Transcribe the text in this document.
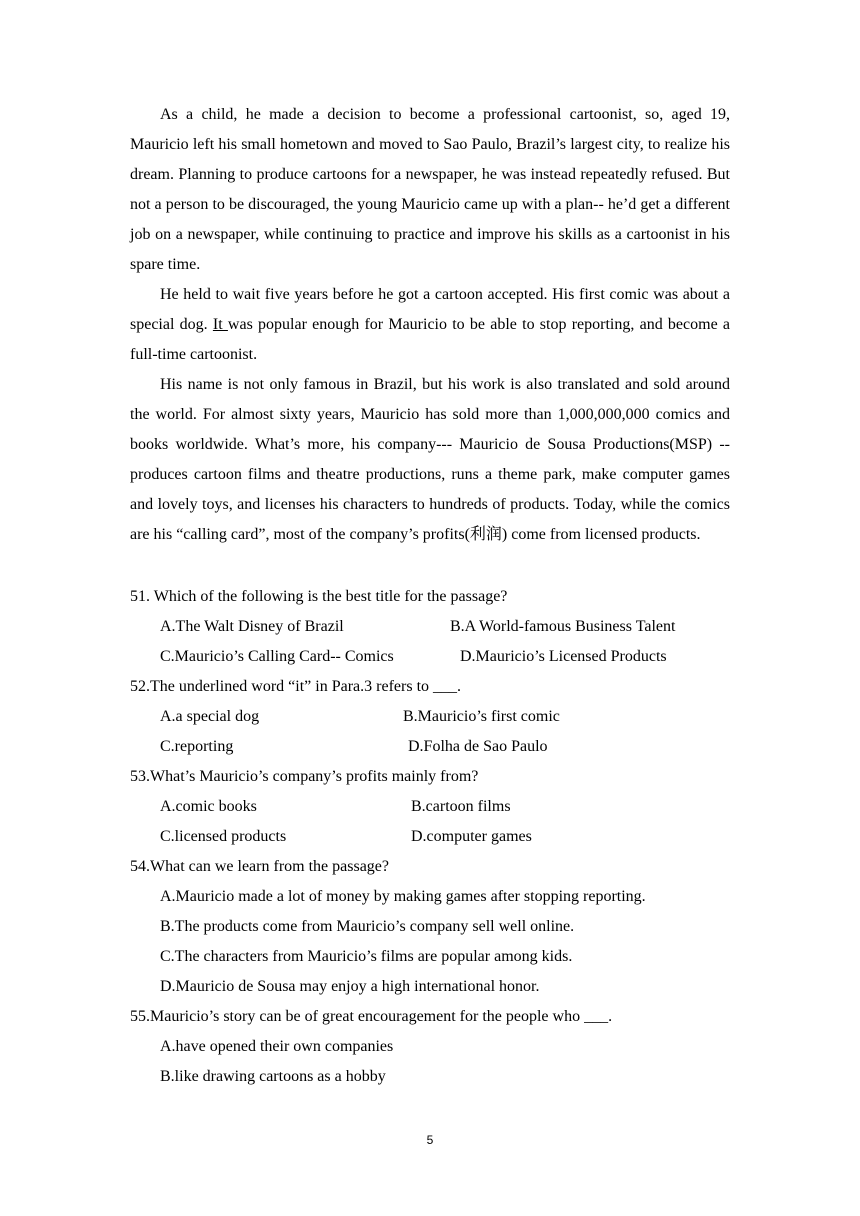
As a child, he made a decision to become a professional cartoonist, so, aged 19, Mauricio left his small hometown and moved to Sao Paulo, Brazil’s largest city, to realize his dream. Planning to produce cartoons for a newspaper, he was instead repeatedly refused. But not a person to be discouraged, the young Mauricio came up with a plan-- he’d get a different job on a newspaper, while continuing to practice and improve his skills as a cartoonist in his spare time.

He held to wait five years before he got a cartoon accepted. His first comic was about a special dog. It was popular enough for Mauricio to be able to stop reporting, and become a full-time cartoonist.

His name is not only famous in Brazil, but his work is also translated and sold around the world. For almost sixty years, Mauricio has sold more than 1,000,000,000 comics and books worldwide. What’s more, his company--- Mauricio de Sousa Productions(MSP) --produces cartoon films and theatre productions, runs a theme park, make computer games and lovely toys, and licenses his characters to hundreds of products. Today, while the comics are his “calling card”, most of the company’s profits(利润) come from licensed products.

51. Which of the following is the best title for the passage?
A.The Walt Disney of Brazil	B.A World-famous Business Talent
C.Mauricio’s Calling Card-- Comics	D.Mauricio’s Licensed Products
52.The underlined word “it” in Para.3 refers to ___.
A.a special dog	B.Mauricio’s first comic
C.reporting	D.Folha de Sao Paulo
53.What’s Mauricio’s company’s profits mainly from?
A.comic books	B.cartoon films
C.licensed products	D.computer games
54.What can we learn from the passage?
A.Mauricio made a lot of money by making games after stopping reporting.
B.The products come from Mauricio’s company sell well online.
C.The characters from Mauricio’s films are popular among kids.
D.Mauricio de Sousa may enjoy a high international honor.
55.Mauricio’s story can be of great encouragement for the people who ___.
A.have opened their own companies
B.like drawing cartoons as a hobby
5
